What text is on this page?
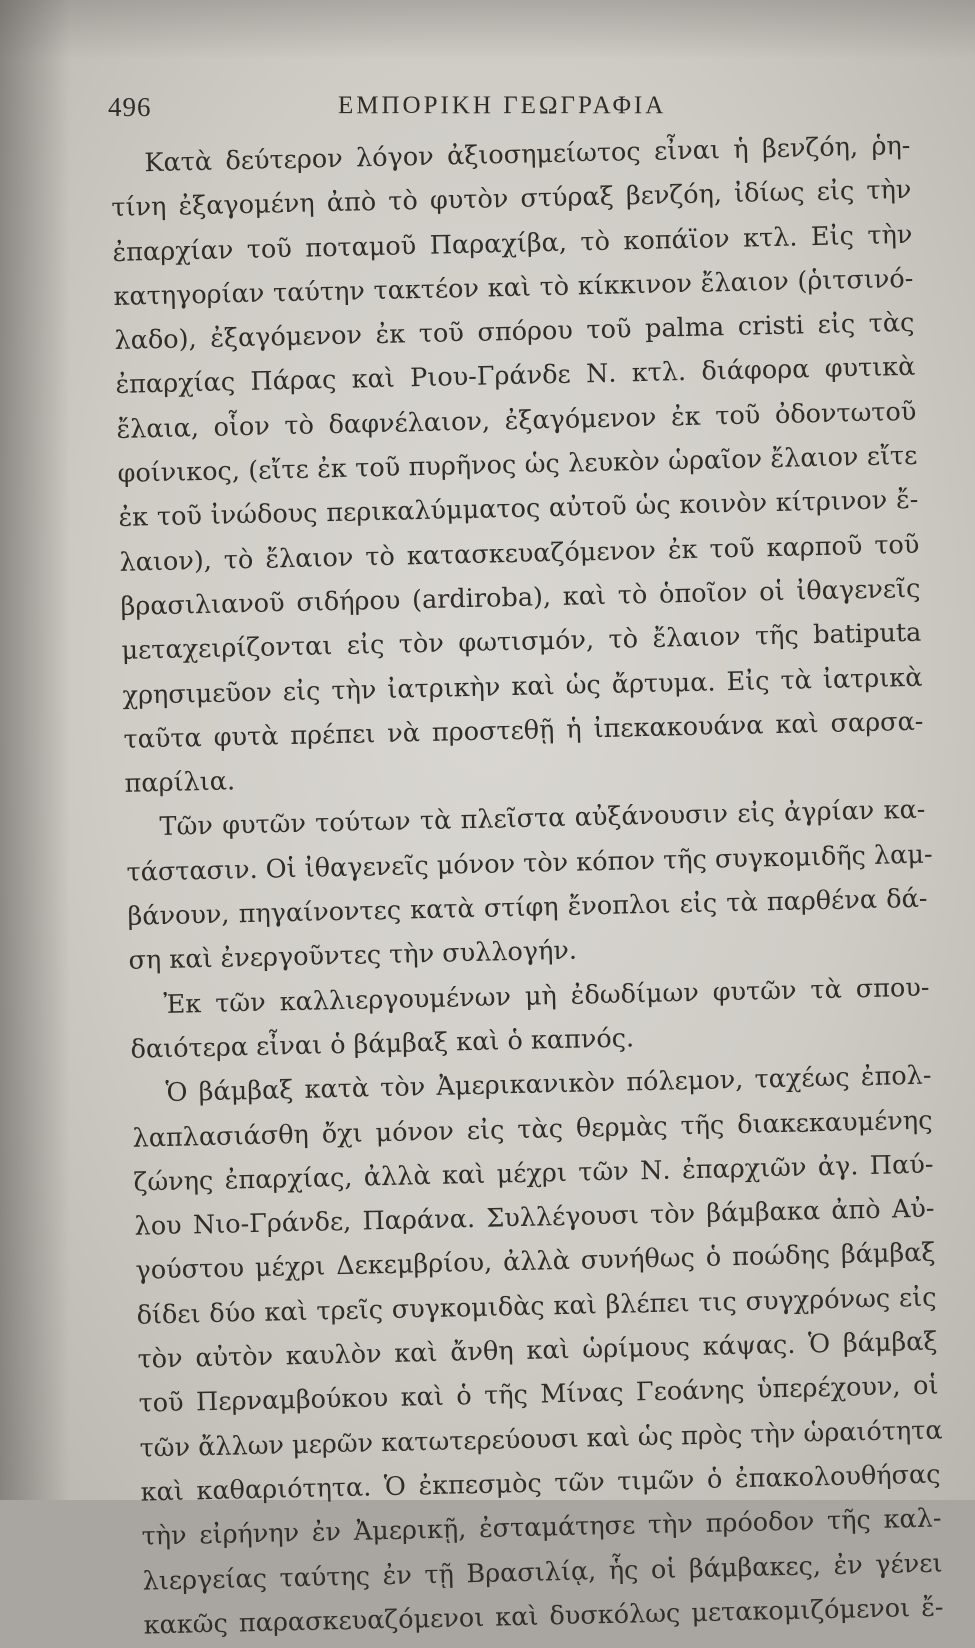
496	ΕΜΠΟΡΙΚΗ ΓΕΩΓΡΑΦΙΑ
Κατὰ δεύτερον λόγον ἀξιοσημείωτος εἶναι ἡ βενζόη, ῥη-
τίνη ἐξαγομένη ἀπὸ τὸ φυτὸν στύραξ βενζόη, ἰδίως εἰς τὴν
ἐπαρχίαν τοῦ ποταμοῦ Παραχίβα, τὸ κοπάϊον κτλ. Εἰς τὴν
κατηγορίαν ταύτην τακτέον καὶ τὸ κίκκινον ἔλαιον (ῥιτσινό-
λαδο), ἐξαγόμενον ἐκ τοῦ σπόρου τοῦ palma cristi εἰς τὰς
ἐπαρχίας Πάρας καὶ Ριου-Γράνδε Ν. κτλ. διάφορα φυτικὰ
ἔλαια, οἷον τὸ δαφνέλαιον, ἐξαγόμενον ἐκ τοῦ ὀδοντωτοῦ
φοίνικος, (εἴτε ἐκ τοῦ πυρῆνος ὡς λευκὸν ὡραῖον ἔλαιον εἴτε
ἐκ τοῦ ἰνώδους περικαλύμματος αὐτοῦ ὡς κοινὸν κίτρινον ἔ-
λαιον), τὸ ἔλαιον τὸ κατασκευαζόμενον ἐκ τοῦ καρποῦ τοῦ
βρασιλιανοῦ σιδήρου (ardiroba), καὶ τὸ ὁποῖον οἱ ἰθαγενεῖς
μεταχειρίζονται εἰς τὸν φωτισμόν, τὸ ἔλαιον τῆς batiputa
χρησιμεῦον εἰς τὴν ἰατρικὴν καὶ ὡς ἄρτυμα. Εἰς τὰ ἰατρικὰ
ταῦτα φυτὰ πρέπει νὰ προστεθῇ ἡ ἰπεκακουάνα καὶ σαρσα-
παρίλια.
Τῶν φυτῶν τούτων τὰ πλεῖστα αὐξάνουσιν εἰς ἀγρίαν κα-
τάστασιν. Οἱ ἰθαγενεῖς μόνον τὸν κόπον τῆς συγκομιδῆς λαμ-
βάνουν, πηγαίνοντες κατὰ στίφη ἔνοπλοι εἰς τὰ παρθένα δά-
ση καὶ ἐνεργοῦντες τὴν συλλογήν.
Ἐκ τῶν καλλιεργουμένων μὴ ἐδωδίμων φυτῶν τὰ σπου-
δαιότερα εἶναι ὁ βάμβαξ καὶ ὁ καπνός.
Ὁ βάμβαξ κατὰ τὸν Ἀμερικανικὸν πόλεμον, ταχέως ἐπολ-
λαπλασιάσθη ὄχι μόνον εἰς τὰς θερμὰς τῆς διακεκαυμένης
ζώνης ἐπαρχίας, ἀλλὰ καὶ μέχρι τῶν Ν. ἐπαρχιῶν ἀγ. Παύ-
λου Νιο-Γράνδε, Παράνα. Συλλέγουσι τὸν βάμβακα ἀπὸ Αὐ-
γούστου μέχρι Δεκεμβρίου, ἀλλὰ συνήθως ὁ ποώδης βάμβαξ
δίδει δύο καὶ τρεῖς συγκομιδὰς καὶ βλέπει τις συγχρόνως εἰς
τὸν αὐτὸν καυλὸν καὶ ἄνθη καὶ ὡρίμους κάψας. Ὁ βάμβαξ
τοῦ Περναμβούκου καὶ ὁ τῆς Μίνας Γεοάνης ὑπερέχουν, οἱ
τῶν ἄλλων μερῶν κατωτερεύουσι καὶ ὡς πρὸς τὴν ὡραιότητα
καὶ καθαριότητα. Ὁ ἐκπεσμὸς τῶν τιμῶν ὁ ἐπακολουθήσας
τὴν εἰρήνην ἐν Ἀμερικῇ, ἐσταμάτησε τὴν πρόοδον τῆς καλ-
λιεργείας ταύτης ἐν τῇ Βρασιλίᾳ, ἧς οἱ βάμβακες, ἐν γένει
κακῶς παρασκευαζόμενοι καὶ δυσκόλως μετακομιζόμενοι ἔ-
